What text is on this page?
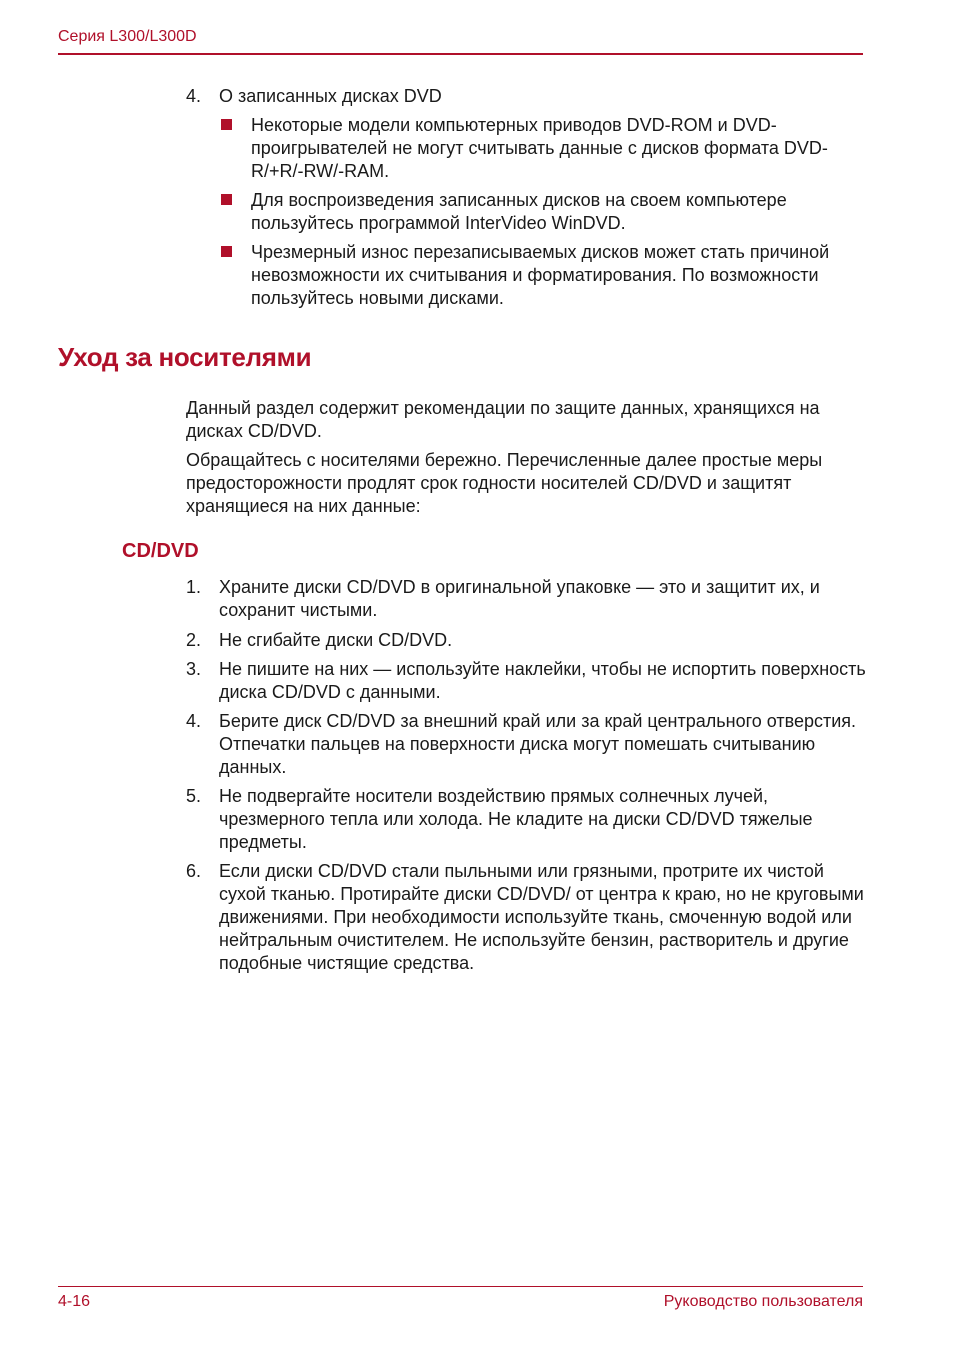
Серия L300/L300D
4. О записанных дисках DVD
Некоторые модели компьютерных приводов DVD-ROM и DVD-проигрывателей не могут считывать данные с дисков формата DVD-R/+R/-RW/-RAM.
Для воспроизведения записанных дисков на своем компьютере пользуйтесь программой InterVideo WinDVD.
Чрезмерный износ перезаписываемых дисков может стать причиной невозможности их считывания и форматирования. По возможности пользуйтесь новыми дисками.
Уход за носителями
Данный раздел содержит рекомендации по защите данных, хранящихся на дисках CD/DVD.
Обращайтесь с носителями бережно. Перечисленные далее простые меры предосторожности продлят срок годности носителей CD/DVD и защитят хранящиеся на них данные:
CD/DVD
1. Храните диски CD/DVD в оригинальной упаковке — это и защитит их, и сохранит чистыми.
2. Не сгибайте диски CD/DVD.
3. Не пишите на них — используйте наклейки, чтобы не испортить поверхность диска CD/DVD с данными.
4. Берите диск CD/DVD за внешний край или за край центрального отверстия. Отпечатки пальцев на поверхности диска могут помешать считыванию данных.
5. Не подвергайте носители воздействию прямых солнечных лучей, чрезмерного тепла или холода. Не кладите на диски CD/DVD тяжелые предметы.
6. Если диски CD/DVD стали пыльными или грязными, протрите их чистой сухой тканью. Протирайте диски CD/DVD/ от центра к краю, но не круговыми движениями. При необходимости используйте ткань, смоченную водой или нейтральным очистителем. Не используйте бензин, растворитель и другие подобные чистящие средства.
4-16	Руководство пользователя
